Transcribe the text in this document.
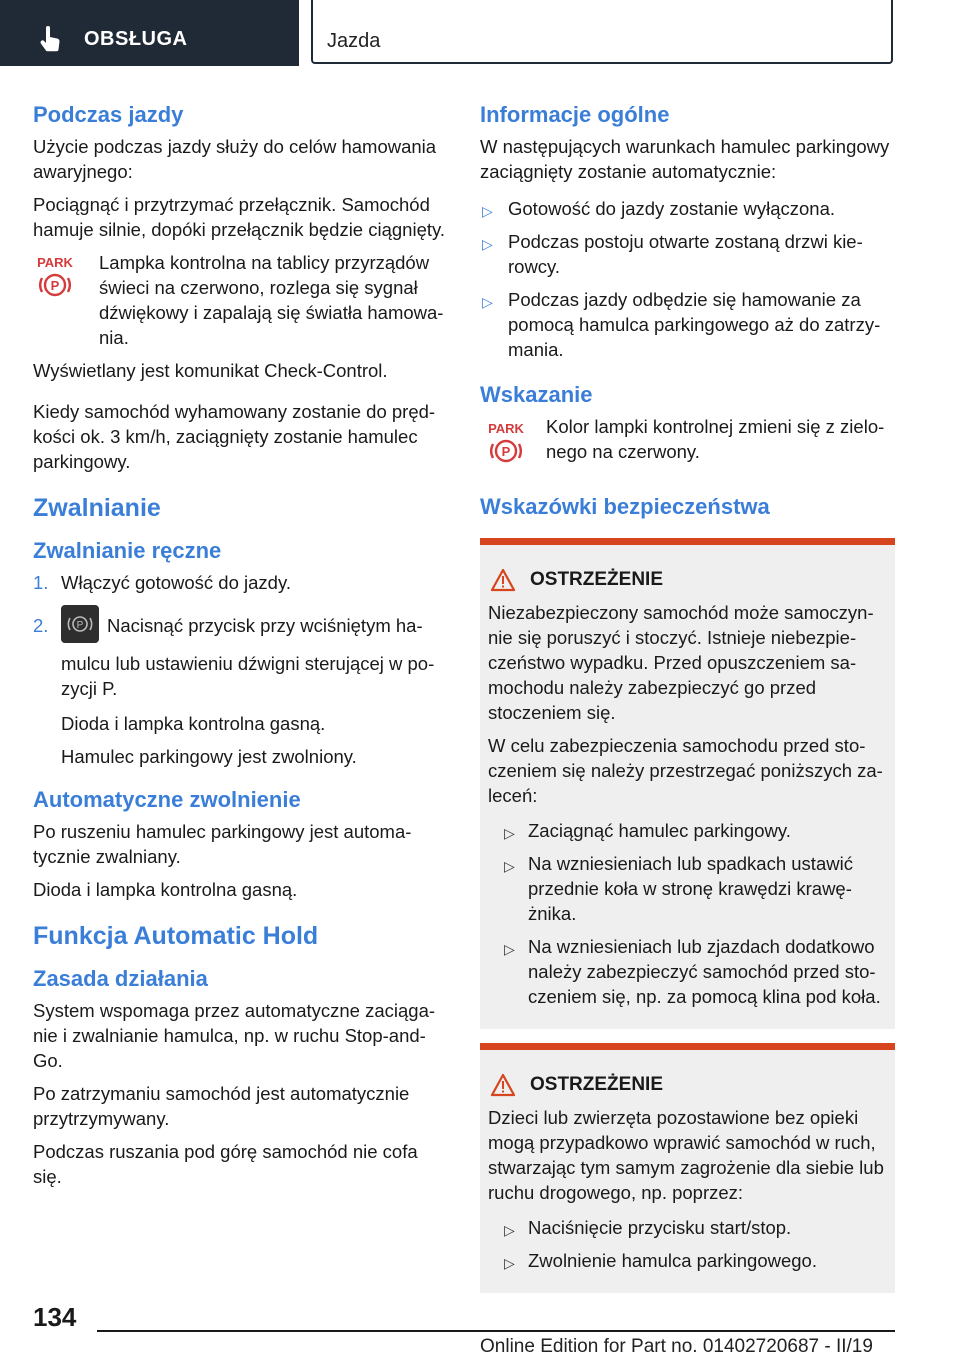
OBSŁUGA	Jazda
Podczas jazdy

Użycie podczas jazdy służy do celów hamowania awaryjnego:

Pociągnąć i przytrzymać przełącznik. Samochód hamuje silnie, dopóki przełącznik będzie ciągnięty.

PARK
P

Lampka kontrolna na tablicy przyrządów świeci na czerwono, rozlega się sygnał dźwiękowy i zapalają się światła hamowania.

Wyświetlany jest komunikat Check-Control.

Kiedy samochód wyhamowany zostanie do prędkości ok. 3 km/h, zaciągnięty zostanie hamulec parkingowy.

Zwalnianie
Zwalnianie ręczne
1. Włączyć gotowość do jazdy.
2.	P Nacisnąć przycisk przy wciśniętym hamulcu lub ustawieniu dźwigni sterującej w pozycji P.

Dioda i lampka kontrolna gasną.

Hamulec parkingowy jest zwolniony.

Automatyczne zwolnienie

Po ruszeniu hamulec parkingowy jest automatycznie zwalniany.

Dioda i lampka kontrolna gasną.

Funkcja Automatic Hold
Zasada działania

System wspomaga przez automatyczne zaciąganie i zwalnianie hamulca, np. w ruchu Stop-and-Go.

Po zatrzymaniu samochód jest automatycznie przytrzymywany.

Podczas ruszania pod górę samochód nie cofa się.

Informacje ogólne

W następujących warunkach hamulec parkingowy zaciągnięty zostanie automatycznie:

▷ Gotowość do jazdy zostanie wyłączona.
▷ Podczas postoju otwarte zostaną drzwi kierowcy.
▷ Podczas jazdy odbędzie się hamowanie za pomocą hamulca parkingowego aż do zatrzymania.
Wskazanie
PARK
P

Kolor lampki kontrolnej zmieni się z zielonego na czerwony.

Wskazówki bezpieczeństwa
OSTRZEŻENIE

Niezabezpieczony samochód może samoczynnie się poruszyć i stoczyć. Istnieje niebezpieczeństwo wypadku. Przed opuszczeniem samochodu należy zabezpieczyć go przed stoczeniem się.

W celu zabezpieczenia samochodu przed stoczeniem się należy przestrzegać poniższych zaleceń:

▷ Zaciągnąć hamulec parkingowy.
▷ Na wzniesieniach lub spadkach ustawić przednie koła w stronę krawędzi krawężnika.
▷ Na wzniesieniach lub zjazdach dodatkowo należy zabezpieczyć samochód przed stoczeniem się, np. za pomocą klina pod koła.
OSTRZEŻENIE

Dzieci lub zwierzęta pozostawione bez opieki mogą przypadkowo wprawić samochód w ruch, stwarzając tym samym zagrożenie dla siebie lub ruchu drogowego, np. poprzez:

▷ Naciśnięcie przycisku start/stop.
▷ Zwolnienie hamulca parkingowego.
134
Online Edition for Part no. 01402720687 - II/19
